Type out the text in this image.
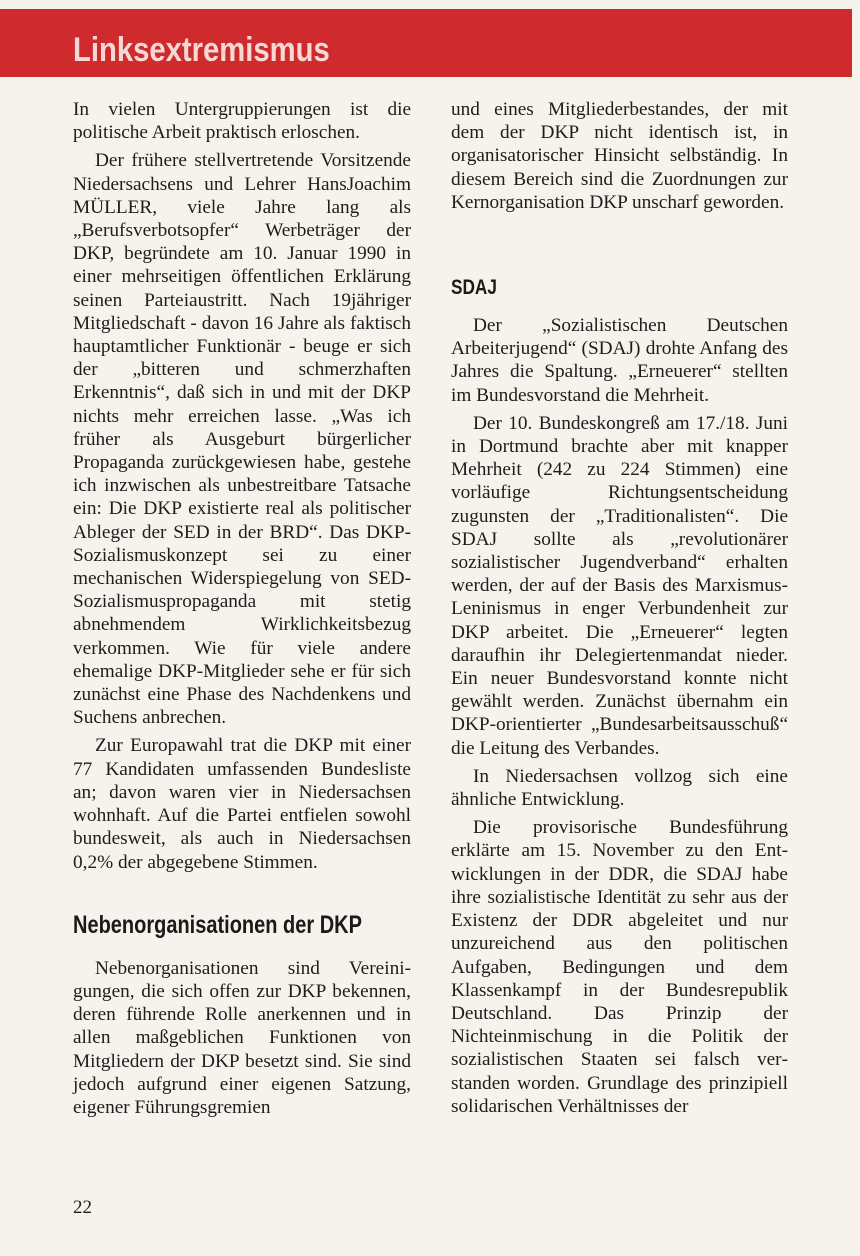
Linksextremismus

In vielen Untergruppierungen ist die politische Arbeit praktisch erloschen.

Der frühere stellvertretende Vorsitzende Niedersachsens und Lehrer HansJoachim MÜLLER, viele Jahre lang als „Berufsverbotsopfer“ Werbeträger der DKP, begründete am 10. Januar 1990 in einer mehrseitigen öffentlichen Erklärung seinen Parteiaustritt. Nach 19jähriger Mitgliedschaft - davon 16 Jahre als faktisch hauptamtlicher Funktionär - beuge er sich der „bitteren und schmerzhaften Erkenntnis“, daß sich in und mit der DKP nichts mehr erreichen lasse. „Was ich früher als Ausgeburt bürgerlicher Propaganda zurückgewiesen habe, gestehe ich inzwischen als unbestreitbare Tatsache ein: Die DKP existierte real als politischer Ableger der SED in der BRD“. Das DKP-Sozialismuskonzept sei zu einer mechanischen Widerspiegelung von SED-Sozialismuspropaganda mit stetig abnehmendem Wirklichkeitsbezug verkommen. Wie für viele andere ehemalige DKP-Mitglieder sehe er für sich zunächst eine Phase des Nachdenkens und Suchens anbrechen.

Zur Europawahl trat die DKP mit einer 77 Kandidaten umfassenden Bundesliste an; davon waren vier in Niedersachsen wohnhaft. Auf die Partei entfielen sowohl bundesweit, als auch in Niedersachsen 0,2% der abgegebene Stimmen.

Nebenorganisationen der DKP

Nebenorganisationen sind Vereinigungen, die sich offen zur DKP bekennen, deren führende Rolle anerkennen und in allen maßgeblichen Funktionen von Mitgliedern der DKP besetzt sind. Sie sind jedoch aufgrund einer eigenen Satzung, eigener Führungsgremien

und eines Mitgliederbestandes, der mit dem der DKP nicht identisch ist, in organisatorischer Hinsicht selbständig. In diesem Bereich sind die Zuordnungen zur Kernorganisation DKP unscharf geworden.

SDAJ

Der „Sozialistischen Deutschen Arbeiterjugend“ (SDAJ) drohte Anfang des Jahres die Spaltung. „Erneuerer“ stellten im Bundesvorstand die Mehrheit.

Der 10. Bundeskongreß am 17./18. Juni in Dortmund brachte aber mit knapper Mehrheit (242 zu 224 Stimmen) eine vorläufige Richtungsentscheidung zugunsten der „Traditionalisten“. Die SDAJ sollte als „revolutionärer sozialistischer Jugendverband“ erhalten werden, der auf der Basis des Marxismus-Leninismus in enger Verbundenheit zur DKP arbeitet. Die „Erneuerer“ legten daraufhin ihr Delegiertenmandat nieder. Ein neuer Bundesvorstand konnte nicht gewählt werden. Zunächst übernahm ein DKP-orientierter „Bundesarbeitsausschuß“ die Leitung des Verbandes.

In Niedersachsen vollzog sich eine ähnliche Entwicklung.

Die provisorische Bundesführung erklärte am 15. November zu den Entwicklungen in der DDR, die SDAJ habe ihre sozialistische Identität zu sehr aus der Existenz der DDR abgeleitet und nur unzureichend aus den politischen Aufgaben, Bedingungen und dem Klassenkampf in der Bundesrepublik Deutschland. Das Prinzip der Nichteinmischung in die Politik der sozialistischen Staaten sei falsch verstanden worden. Grundlage des prinzipiell solidarischen Verhältnisses der

22
